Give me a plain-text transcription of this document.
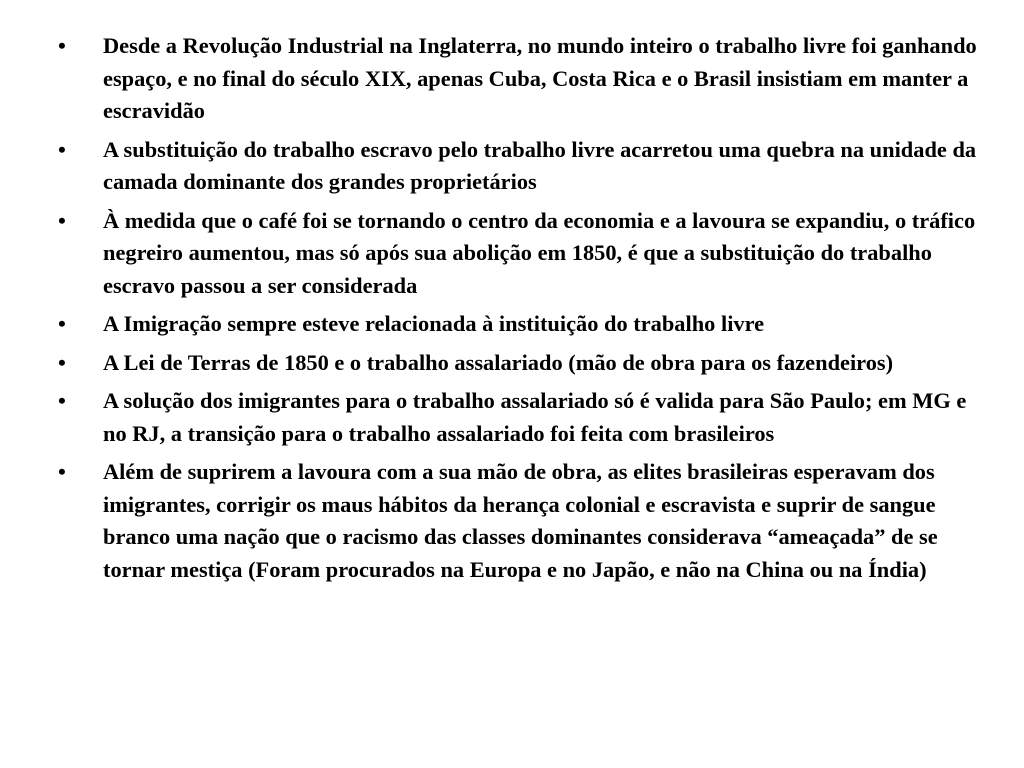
•	Desde a Revolução Industrial na Inglaterra, no mundo inteiro o trabalho livre foi ganhando espaço, e no final do século XIX, apenas Cuba, Costa Rica e o Brasil insistiam em manter a escravidão
•	A substituição do trabalho escravo pelo trabalho livre acarretou uma quebra na unidade da camada dominante dos grandes proprietários
•	À medida que o café foi se tornando o centro da economia e a lavoura se expandiu, o tráfico negreiro aumentou, mas só após sua abolição em 1850, é que a substituição do trabalho escravo passou a ser considerada
•	A Imigração sempre esteve relacionada à instituição do trabalho livre
•	A Lei de Terras de 1850 e o trabalho assalariado (mão de obra para os fazendeiros)
•	A solução dos imigrantes para o trabalho assalariado só é valida para São Paulo; em MG e no RJ, a transição para o trabalho assalariado foi feita com brasileiros
•	Além de suprirem a lavoura com a sua mão de obra, as elites brasileiras esperavam dos imigrantes, corrigir os maus hábitos da herança colonial e escravista e suprir de sangue branco uma nação que o racismo das classes dominantes considerava “ameaçada” de se tornar mestiça (Foram procurados na Europa e no Japão, e não na China ou na Índia)
